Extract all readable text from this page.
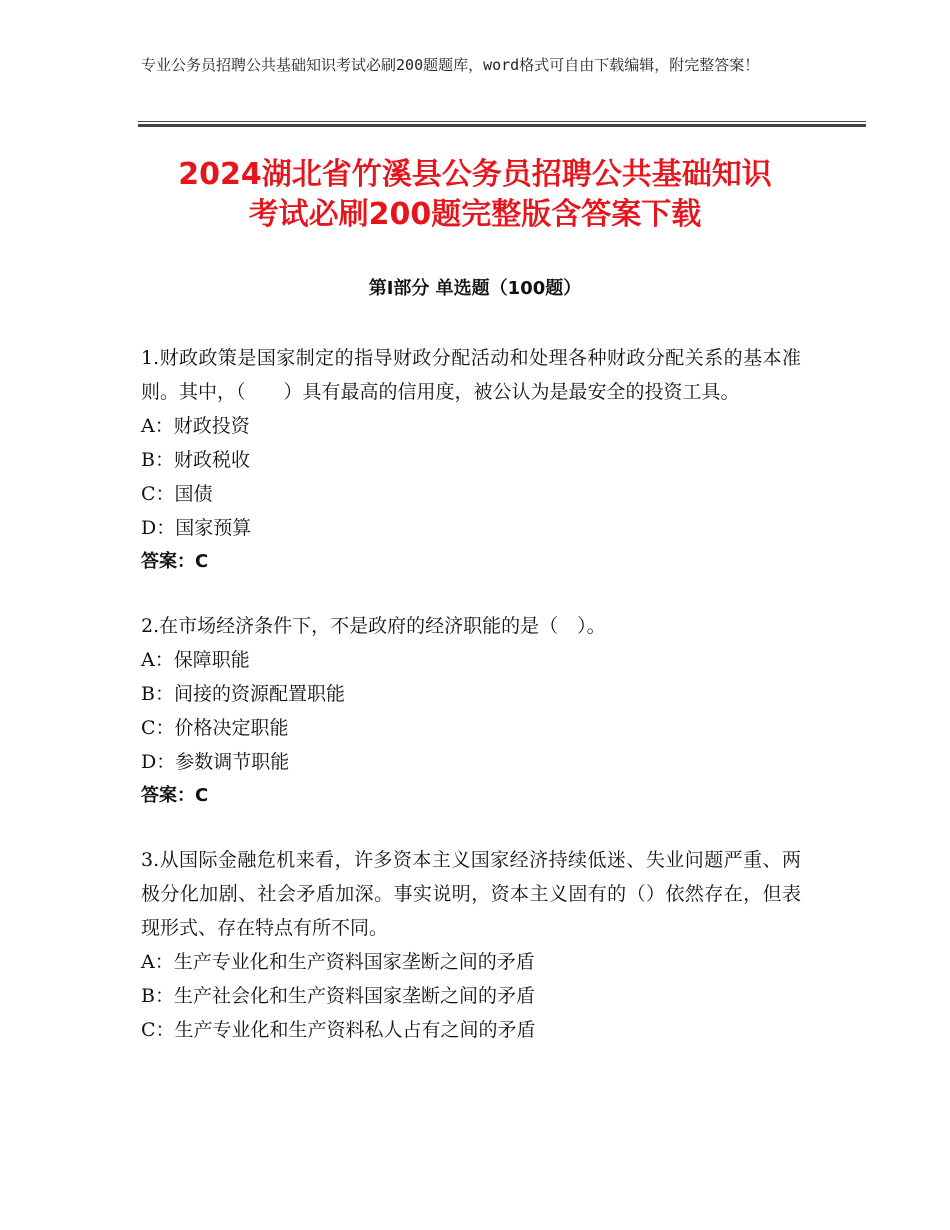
专业公务员招聘公共基础知识考试必刷200题题库，word格式可自由下载编辑，附完整答案！
2024湖北省竹溪县公务员招聘公共基础知识
考试必刷200题完整版含答案下载
第Ⅰ部分 单选题（100题）
1.财政政策是国家制定的指导财政分配活动和处理各种财政分配关系的基本准则。其中，（　　）具有最高的信用度，被公认为是最安全的投资工具。
A：财政投资
B：财政税收
C：国债
D：国家预算
答案：C
2.在市场经济条件下，不是政府的经济职能的是（　）。
A：保障职能
B：间接的资源配置职能
C：价格决定职能
D：参数调节职能
答案：C
3.从国际金融危机来看，许多资本主义国家经济持续低迷、失业问题严重、两极分化加剧、社会矛盾加深。事实说明，资本主义固有的（）依然存在，但表现形式、存在特点有所不同。
A：生产专业化和生产资料国家垄断之间的矛盾
B：生产社会化和生产资料国家垄断之间的矛盾
C：生产专业化和生产资料私人占有之间的矛盾
